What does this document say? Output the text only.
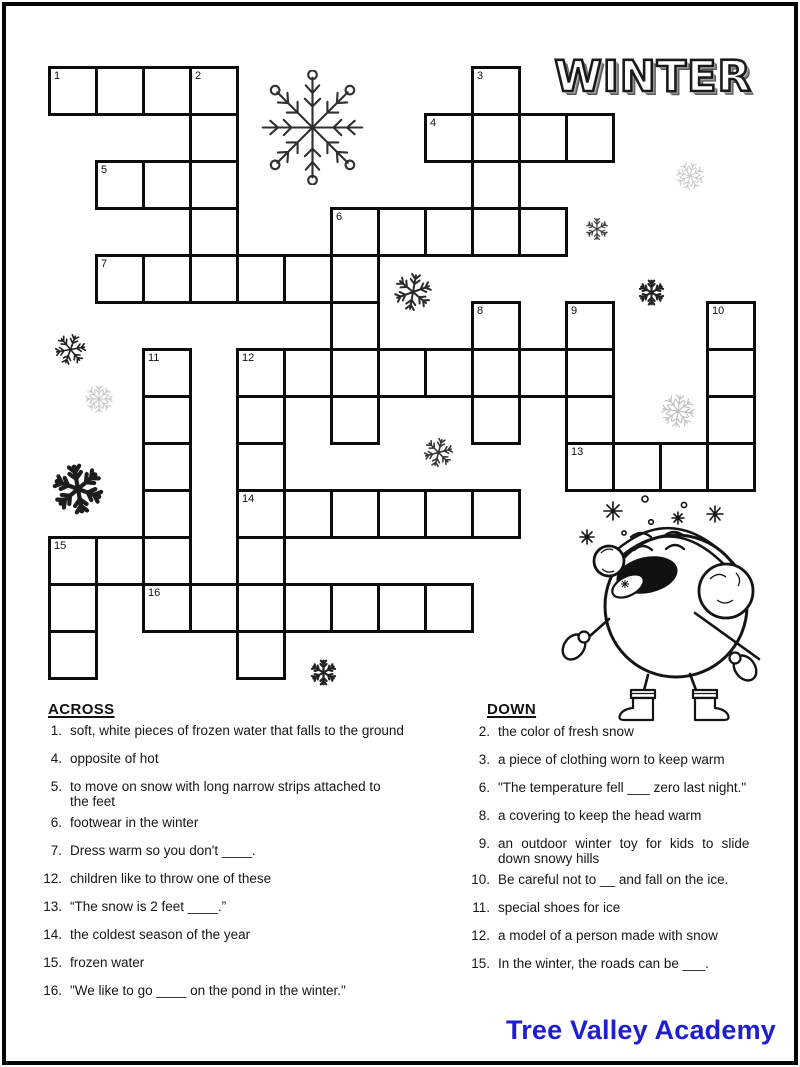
WINTER
1	2	3
4
5
6
7
8	9	10
11	12
13
14
15
16
ACROSS
1. soft, white pieces of frozen water that falls to the ground
4. opposite of hot
5. to move on snow with long narrow strips attached to
the feet
6. footwear in the winter
7. Dress warm so you don't ____.
12. children like to throw one of these
13. “The snow is 2 feet ____.”
14. the coldest season of the year
15. frozen water
16. "We like to go ____ on the pond in the winter."
DOWN
2. the color of fresh snow
3. a piece of clothing worn to keep warm
6. "The temperature fell ___ zero last night."
8. a covering to keep the head warm
9. an outdoor winter toy for kids to slide
down snowy hills
10. Be careful not to __ and fall on the ice.
11. special shoes for ice
12. a model of a person made with snow
15. In the winter, the roads can be ___.
Tree Valley Academy
